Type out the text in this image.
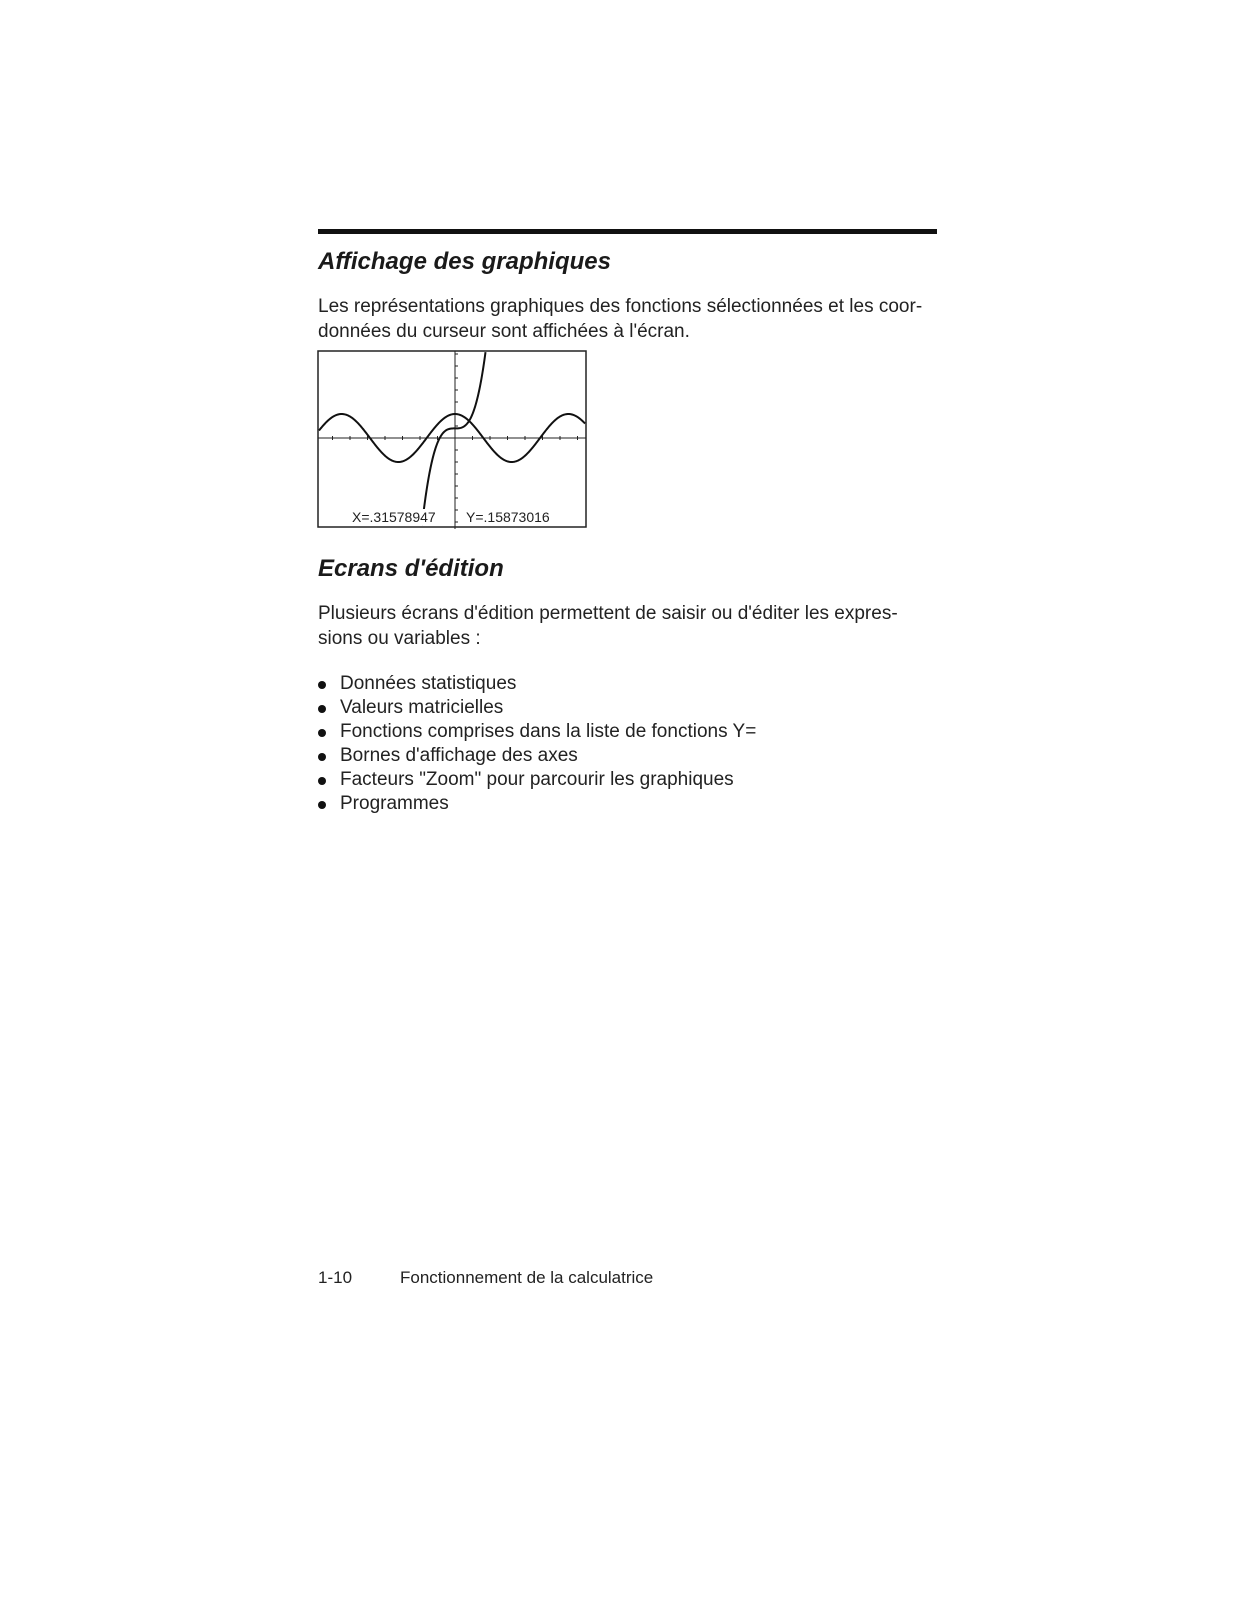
Affichage des graphiques

Les représentations graphiques des fonctions sélectionnées et les coor-
données du curseur sont affichées à l'écran.

X=.31578947 Y=.15873016
Ecrans d'édition

Plusieurs écrans d'édition permettent de saisir ou d'éditer les expres-
sions ou variables :

Données statistiques
Valeurs matricielles
Fonctions comprises dans la liste de fonctions Y=
Bornes d'affichage des axes
Facteurs "Zoom" pour parcourir les graphiques
Programmes
1-10	Fonctionnement de la calculatrice
